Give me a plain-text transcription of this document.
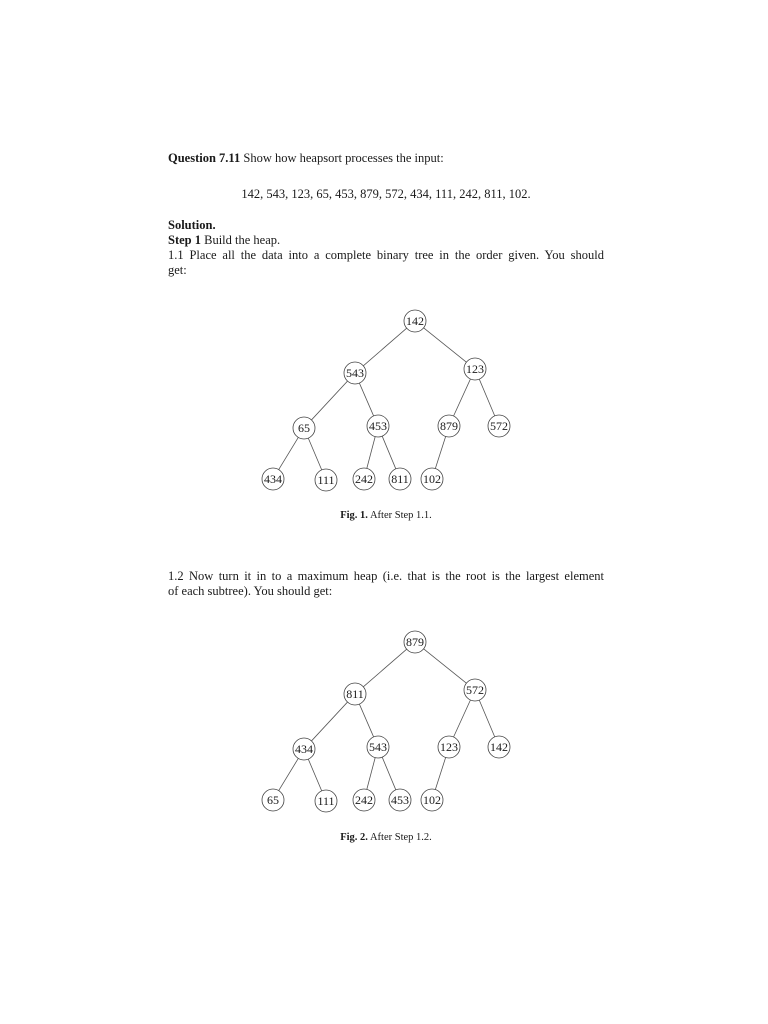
Question 7.11 Show how heapsort processes the input:
142, 543, 123, 65, 453, 879, 572, 434, 111, 242, 811, 102.
Solution.
Step 1 Build the heap.
1.1 Place all the data into a complete binary tree in the order given. You should
get:
142
543	123
65	453	879	572
434	111 242 811 102
Fig. 1. After Step 1.1.
1.2 Now turn it in to a maximum heap (i.e. that is the root is the largest element
of each subtree). You should get:
879
811	572
434	543	123	142
65	111 242 453 102
Fig. 2. After Step 1.2.
